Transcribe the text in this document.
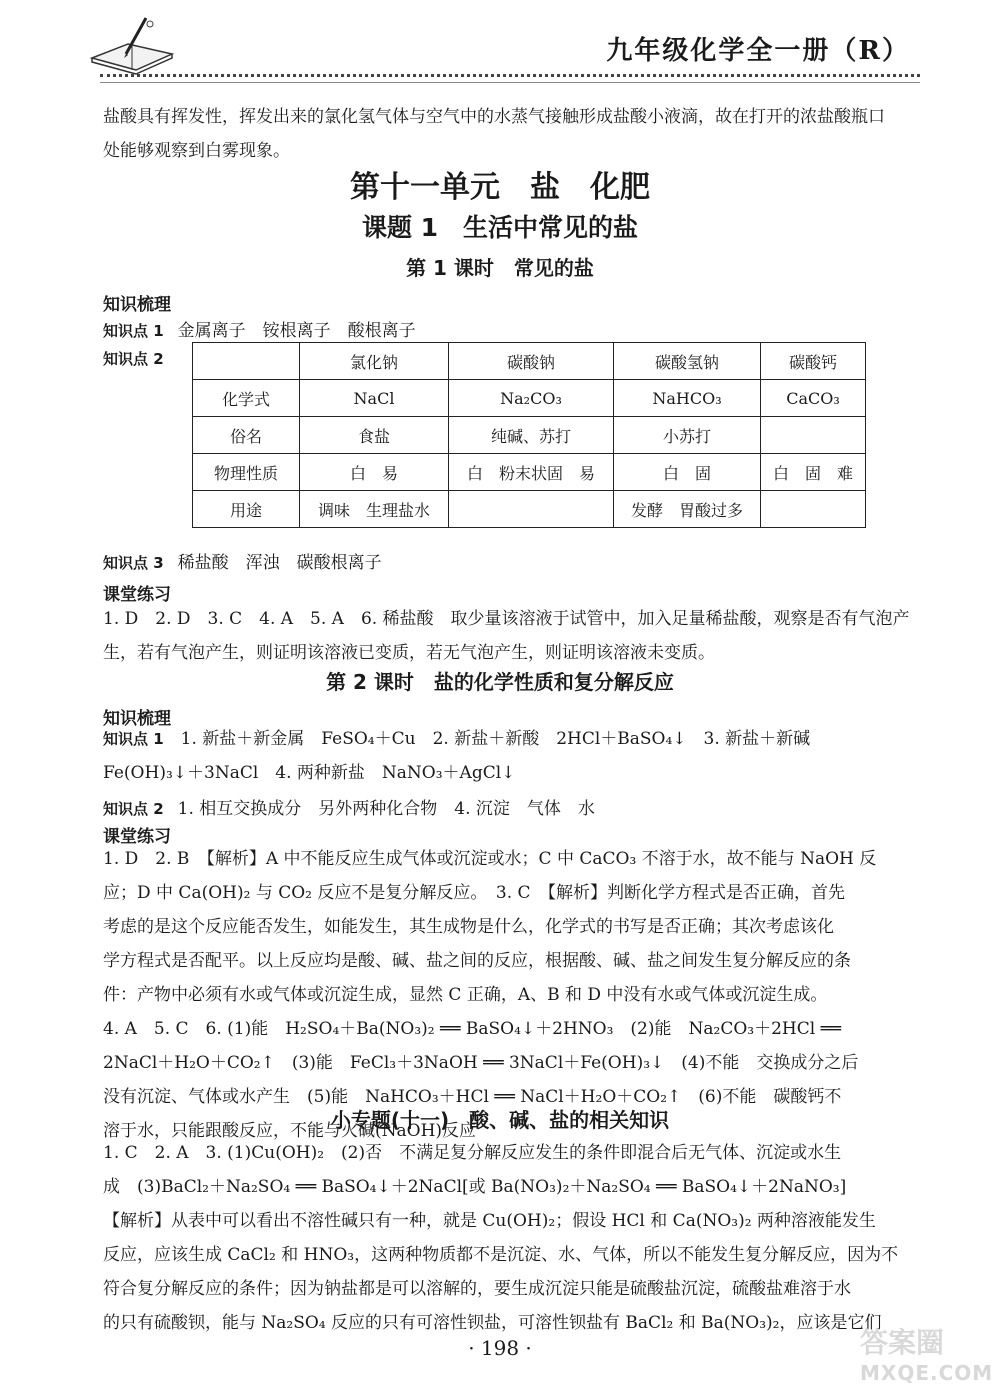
九年级化学全一册（R）
盐酸具有挥发性，挥发出来的氯化氢气体与空气中的水蒸气接触形成盐酸小液滴，故在打开的浓盐酸瓶口
处能够观察到白雾现象。
第十一单元　盐　化肥
课题 1　生活中常见的盐
第 1 课时　常见的盐
知识梳理
知识点 1 金属离子　铵根离子　酸根离子
知识点 2
		氯化钠	碳酸钠	碳酸氢钠	碳酸钙
化学式	NaCl	Na₂CO₃	NaHCO₃	CaCO₃
俗名	食盐	纯碱、苏打	小苏打	
物理性质	白　易	白　粉末状固　易	白　固	白　固　难
用途	调味　生理盐水		发酵　胃酸过多	
知识点 3 稀盐酸　浑浊　碳酸根离子
课堂练习
1. D　2. D　3. C　4. A　5. A　6. 稀盐酸　取少量该溶液于试管中，加入足量稀盐酸，观察是否有气泡产
生，若有气泡产生，则证明该溶液已变质，若无气泡产生，则证明该溶液未变质。
第 2 课时　盐的化学性质和复分解反应
知识梳理
知识点 1　 1. 新盐＋新金属　FeSO₄＋Cu　2. 新盐＋新酸　2HCl＋BaSO₄↓　3. 新盐＋新碱
Fe(OH)₃↓＋3NaCl　4. 两种新盐　NaNO₃＋AgCl↓
知识点 2 1. 相互交换成分　另外两种化合物　4. 沉淀　气体　水
课堂练习
1. D　2. B　【解析】A 中不能反应生成气体或沉淀或水；C 中 CaCO₃ 不溶于水，故不能与 NaOH 反
应；D 中 Ca(OH)₂ 与 CO₂ 反应不是复分解反应。　3. C　【解析】判断化学方程式是否正确，首先
考虑的是这个反应能否发生，如能发生，其生成物是什么，化学式的书写是否正确；其次考虑该化
学方程式是否配平。以上反应均是酸、碱、盐之间的反应，根据酸、碱、盐之间发生复分解反应的条
件：产物中必须有水或气体或沉淀生成，显然 C 正确，A、B 和 D 中没有水或气体或沉淀生成。
4. A　5. C　6. (1)能　H₂SO₄＋Ba(NO₃)₂ ══ BaSO₄↓＋2HNO₃　(2)能　Na₂CO₃＋2HCl ══
2NaCl＋H₂O＋CO₂↑　(3)能　FeCl₃＋3NaOH ══ 3NaCl＋Fe(OH)₃↓　(4)不能　交换成分之后
没有沉淀、气体或水产生　(5)能　NaHCO₃＋HCl ══ NaCl＋H₂O＋CO₂↑　(6)不能　碳酸钙不
溶于水，只能跟酸反应，不能与火碱(NaOH)反应
小专题(十一)　酸、碱、盐的相关知识
1. C　2. A　3. (1)Cu(OH)₂　(2)否　不满足复分解反应发生的条件即混合后无气体、沉淀或水生
成　(3)BaCl₂＋Na₂SO₄ ══ BaSO₄↓＋2NaCl[或 Ba(NO₃)₂＋Na₂SO₄ ══ BaSO₄↓＋2NaNO₃]
【解析】从表中可以看出不溶性碱只有一种，就是 Cu(OH)₂；假设 HCl 和 Ca(NO₃)₂ 两种溶液能发生
反应，应该生成 CaCl₂ 和 HNO₃，这两种物质都不是沉淀、水、气体，所以不能发生复分解反应，因为不
符合复分解反应的条件；因为钠盐都是可以溶解的，要生成沉淀只能是硫酸盐沉淀，硫酸盐难溶于水
的只有硫酸钡，能与 Na₂SO₄ 反应的只有可溶性钡盐，可溶性钡盐有 BaCl₂ 和 Ba(NO₃)₂，应该是它们
· 198 ·	答案圈
MXQE.COM
